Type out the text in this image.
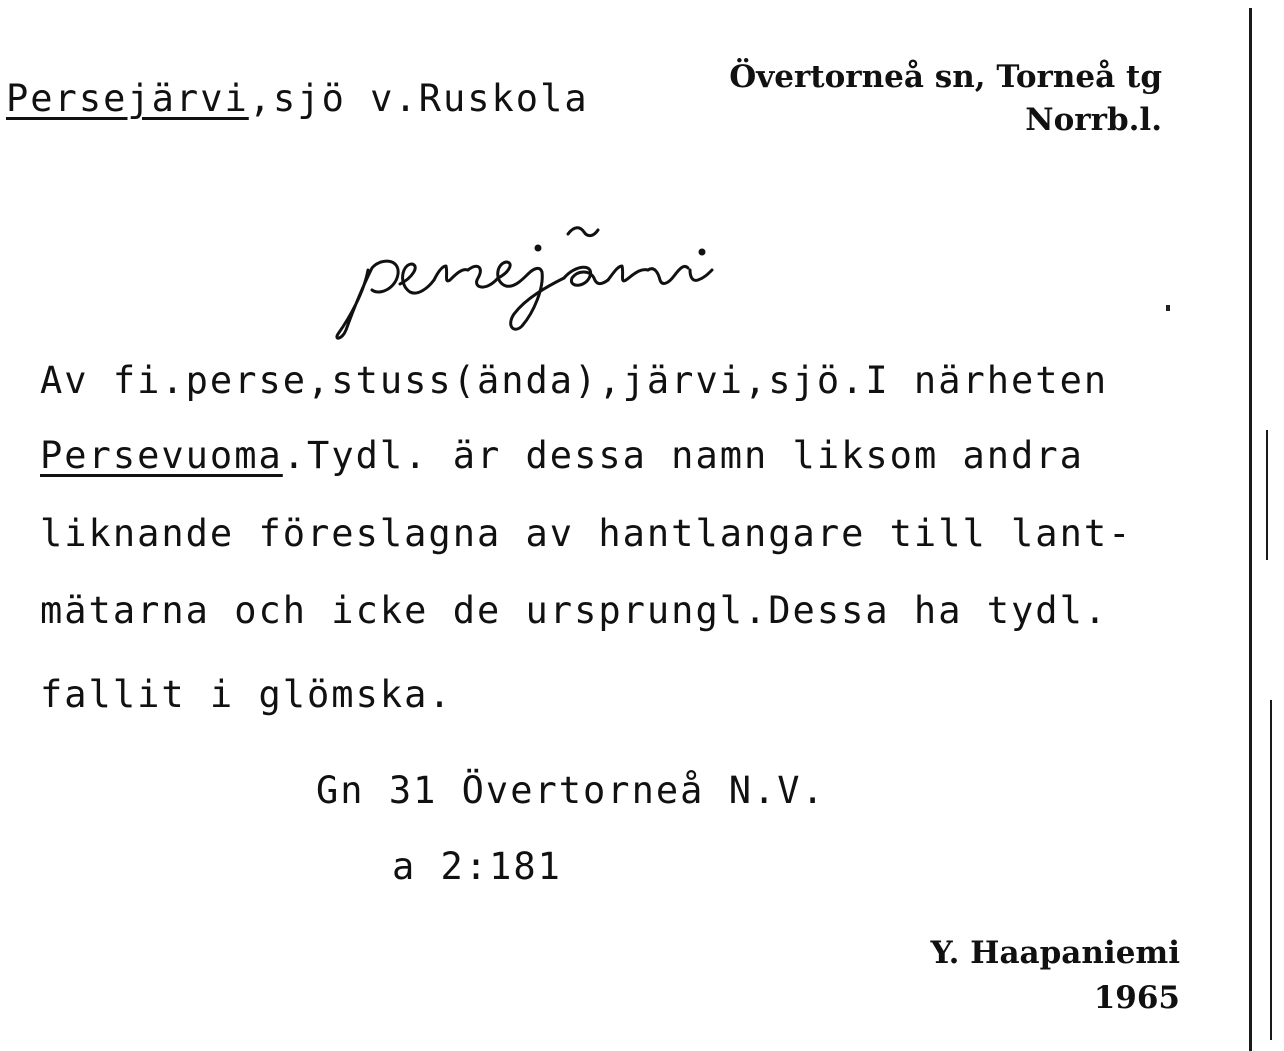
Persejärvi,sjö v.Ruskola	Övertorneå sn, Torneå tg
Norrb.l.
Av fi.perse,stuss(ända),järvi,sjö.I närheten
Persevuoma.Tydl. är dessa namn liksom andra
liknande föreslagna av hantlangare till lant-
mätarna och icke de ursprungl.Dessa ha tydl.
fallit i glömska.
Gn 31 Övertorneå N.V.
a 2:181
Y. Haapaniemi
1965
